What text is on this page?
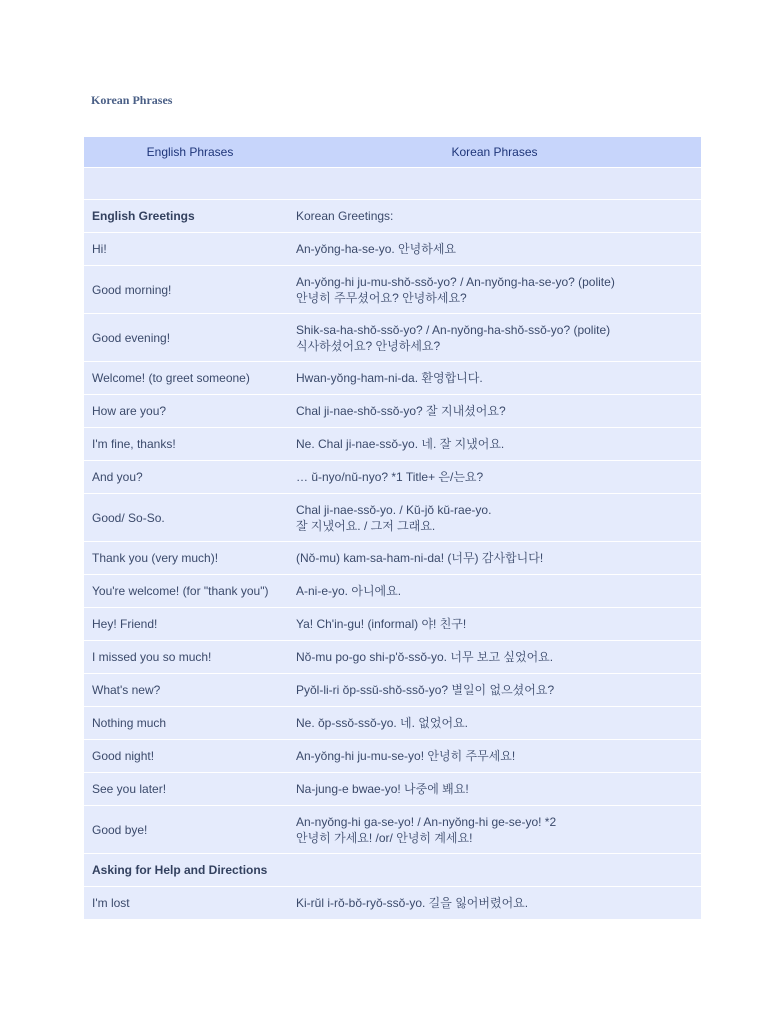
Korean Phrases
English Phrases	Korean Phrases

English Greetings	Korean Greetings:

Hi!	An-yŏng-ha-se-yo. 안녕하세요

Good morning!	An-yŏng-hi ju-mu-shŏ-ssŏ-yo? / An-nyŏng-ha-se-yo? (polite)
안녕히 주무셨어요? 안녕하세요?

Good evening!	Shik-sa-ha-shŏ-ssŏ-yo? / An-nyŏng-ha-shŏ-ssŏ-yo? (polite)
식사하셨어요? 안녕하세요?

Welcome! (to greet someone)	Hwan-yŏng-ham-ni-da. 환영합니다.

How are you?	Chal ji-nae-shŏ-ssŏ-yo? 잘 지내셨어요?

I'm fine, thanks!	Ne. Chal ji-nae-ssŏ-yo. 네. 잘 지냈어요.

And you?	… ŭ-nyo/nŭ-nyo? *1 Title+ 은/는요?

Good/ So-So.	Chal ji-nae-ssŏ-yo. / Kŭ-jŏ kŭ-rae-yo.
잘 지냈어요. / 그저 그래요.

Thank you (very much)!	(Nŏ-mu) kam-sa-ham-ni-da! (너무) 감사합니다!

You're welcome! (for "thank you")	A-ni-e-yo. 아니에요.

Hey! Friend!	Ya! Ch'in-gu! (informal) 야! 친구!

I missed you so much!	Nŏ-mu po-go shi-p'ŏ-ssŏ-yo. 너무 보고 싶었어요.

What's new?	Pyŏl-li-ri ŏp-ssŭ-shŏ-ssŏ-yo? 별일이 없으셨어요?

Nothing much	Ne. ŏp-ssŏ-ssŏ-yo. 네. 없었어요.

Good night!	An-yŏng-hi ju-mu-se-yo! 안녕히 주무세요!

See you later!	Na-jung-e bwae-yo! 나중에 봬요!

Good bye!	An-nyŏng-hi ga-se-yo! / An-nyŏng-hi ge-se-yo! *2
안녕히 가세요! /or/ 안녕히 계세요!

Asking for Help and Directions	

I'm lost	Ki-rŭl i-rŏ-bŏ-ryŏ-ssŏ-yo. 길을 잃어버렸어요.
